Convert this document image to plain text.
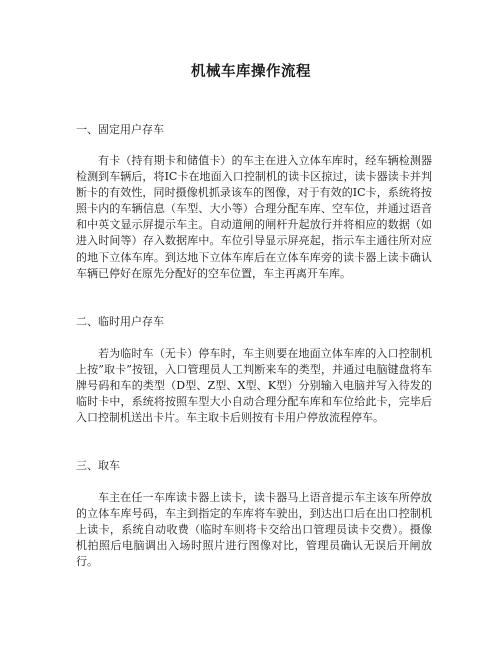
机械车库操作流程
一、固定用户存车

有卡（持有期卡和储值卡）的车主在进入立体车库时，经车辆检测器检测到车辆后，将IC卡在地面入口控制机的读卡区掠过，读卡器读卡并判断卡的有效性，同时摄像机抓录该车的图像，对于有效的IC卡，系统将按照卡内的车辆信息（车型、大小等）合理分配车库、空车位，并通过语音和中英文显示屏提示车主。自动道闸的闸杆升起放行并将相应的数据（如进入时间等）存入数据库中。车位引导显示屏亮起，指示车主通往所对应的地下立体车库。到达地下立体车库后在立体车库旁的读卡器上读卡确认车辆已停好在原先分配好的空车位置，车主再离开车库。

二、临时用户存车

若为临时车（无卡）停车时，车主则要在地面立体车库的入口控制机上按”取卡”按钮，入口管理员人工判断来车的类型，并通过电脑键盘将车牌号码和车的类型（D型、Z型、X型、K型）分别输入电脑并写入待发的临时卡中，系统将按照车型大小自动合理分配车库和车位给此卡，完毕后入口控制机送出卡片。车主取卡后则按有卡用户停放流程停车。

三、取车

车主在任一车库读卡器上读卡，读卡器马上语音提示车主该车所停放的立体车库号码，车主到指定的车库将车驶出，到达出口后在出口控制机上读卡，系统自动收费（临时车则将卡交给出口管理员读卡交费）。摄像机拍照后电脑调出入场时照片进行图像对比，管理员确认无误后开闸放行。
